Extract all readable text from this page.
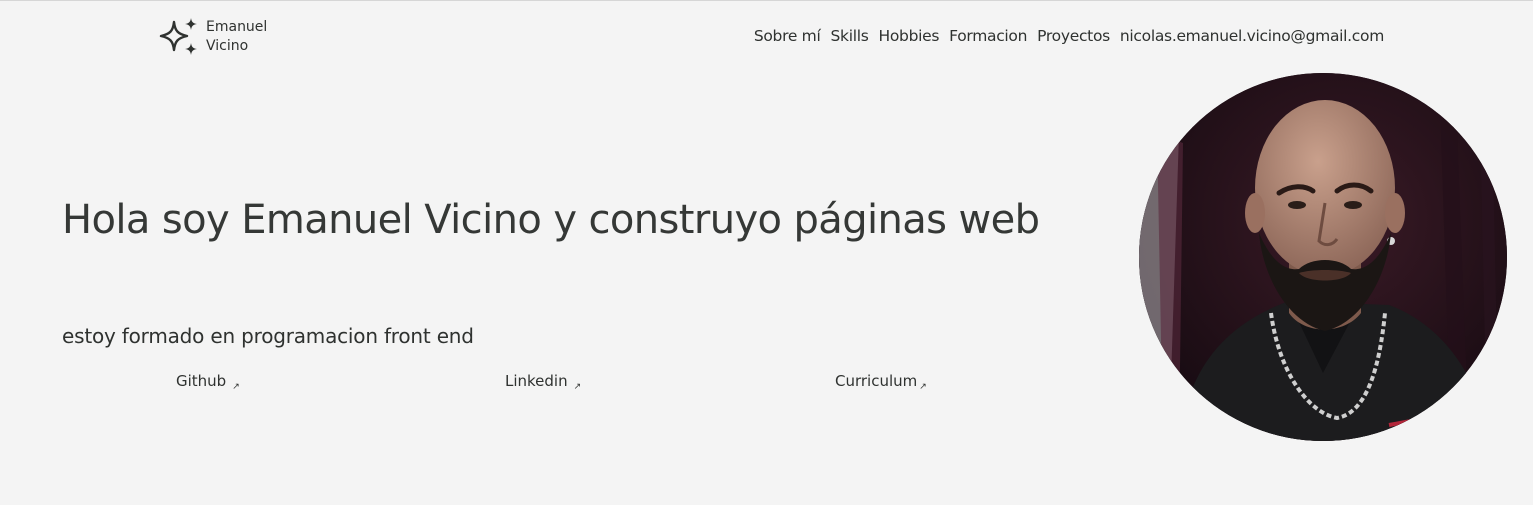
Emanuel
Vicino
Sobre mí Skills Hobbies Formacion Proyectos nicolas.emanuel.vicino@gmail.com
Hola soy Emanuel Vicino y construyo páginas web

estoy formado en programacion front end

Github $_↗$	Linkedin $_↗$	Curriculum $_↗$
